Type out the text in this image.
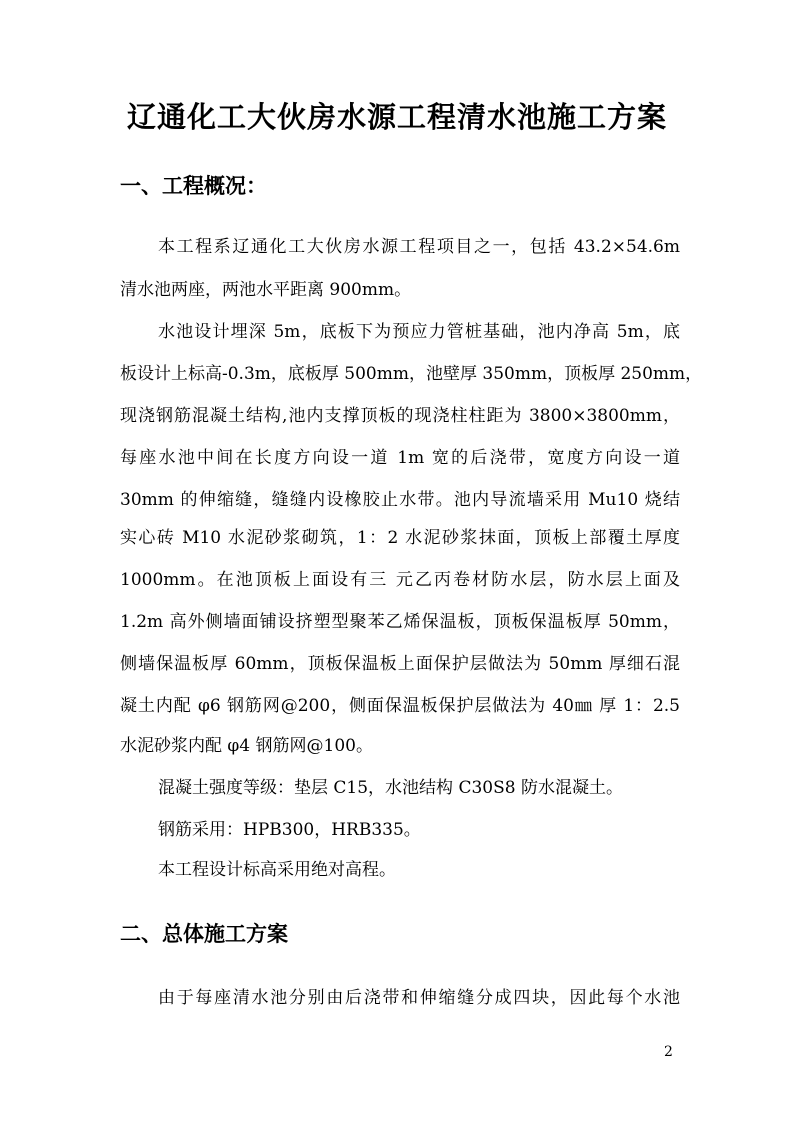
辽通化工大伙房水源工程清水池施工方案
一、工程概况：
本工程系辽通化工大伙房水源工程项目之一，包括 43.2×54.6m
清水池两座，两池水平距离 900mm。
水池设计埋深 5m，底板下为预应力管桩基础，池内净高 5m，底
板设计上标高-0.3m，底板厚 500mm，池壁厚 350mm，顶板厚 250mm，
现浇钢筋混凝土结构,池内支撑顶板的现浇柱柱距为 3800×3800mm，
每座水池中间在长度方向设一道 1m 宽的后浇带，宽度方向设一道
30mm 的伸缩缝，缝缝内设橡胶止水带。池内导流墙采用 Mu10 烧结
实心砖 M10 水泥砂浆砌筑，1：2 水泥砂浆抹面，顶板上部覆土厚度
1000mm。在池顶板上面设有三 元乙丙卷材防水层，防水层上面及
1.2m 高外侧墙面铺设挤塑型聚苯乙烯保温板，顶板保温板厚 50mm，
侧墙保温板厚 60mm，顶板保温板上面保护层做法为 50mm 厚细石混
凝土内配 φ6 钢筋网@200，侧面保温板保护层做法为 40㎜ 厚 1：2.5
水泥砂浆内配 φ4 钢筋网@100。
混凝土强度等级：垫层 C15，水池结构 C30S8 防水混凝土。
钢筋采用：HPB300，HRB335。
本工程设计标高采用绝对高程。
二、总体施工方案
由于每座清水池分别由后浇带和伸缩缝分成四块，因此每个水池
2
